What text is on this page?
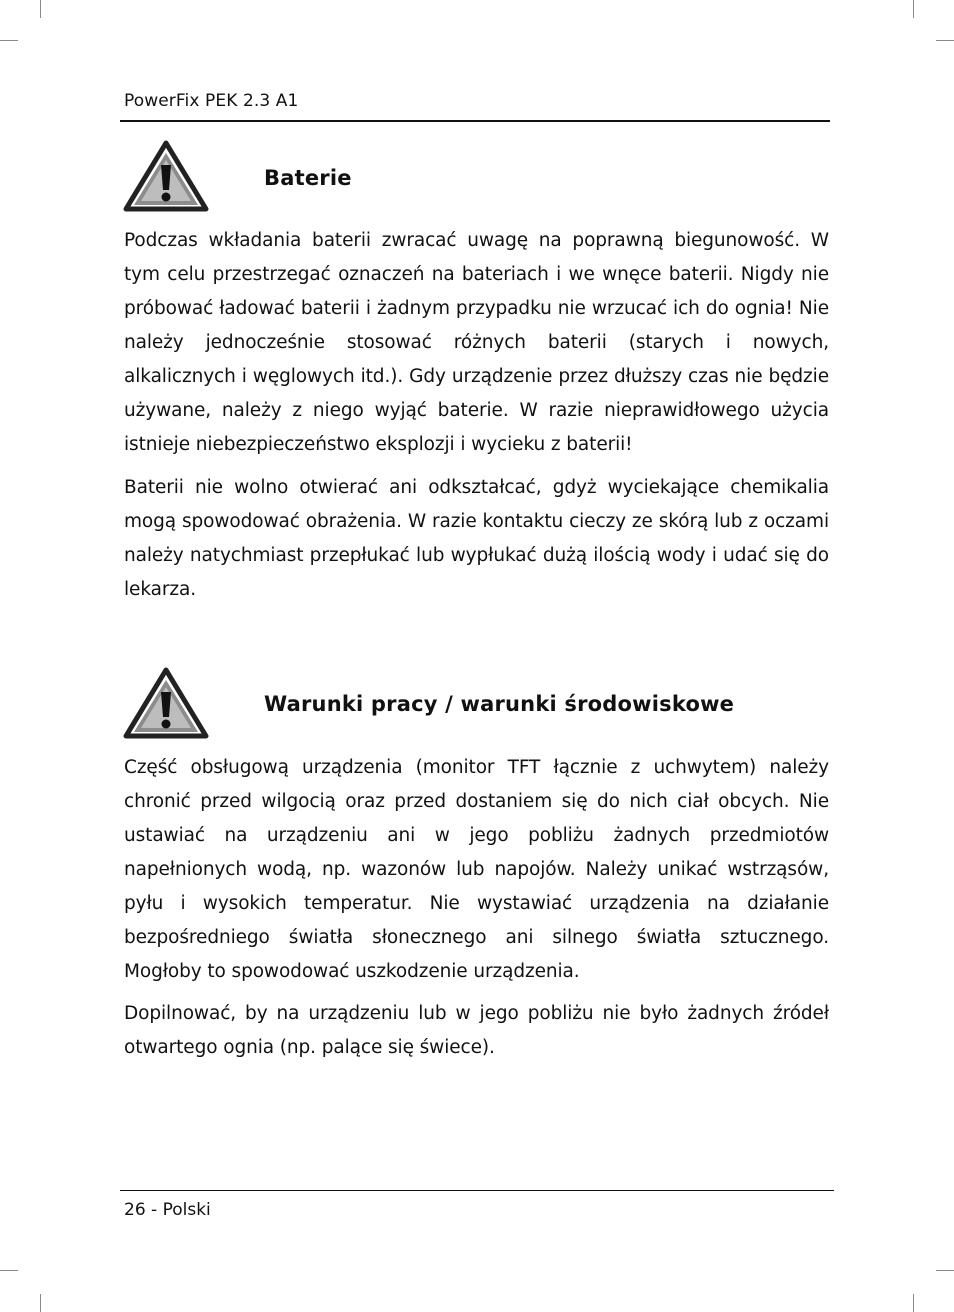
PowerFix PEK 2.3 A1
Baterie

Podczas wkładania baterii zwracać uwagę na poprawną biegunowość. W tym celu przestrzegać oznaczeń na bateriach i we wnęce baterii. Nigdy nie próbować ładować baterii i żadnym przypadku nie wrzucać ich do ognia! Nie należy jednocześnie stosować różnych baterii (starych i nowych, alkalicznych i węglowych itd.). Gdy urządzenie przez dłuższy czas nie będzie używane, należy z niego wyjąć baterie. W razie nieprawidłowego użycia istnieje niebezpieczeństwo eksplozji i wycieku z baterii!

Baterii nie wolno otwierać ani odkształcać, gdyż wyciekające chemikalia mogą spowodować obrażenia. W razie kontaktu cieczy ze skórą lub z oczami należy natychmiast przepłukać lub wypłukać dużą ilością wody i udać się do lekarza.

Warunki pracy / warunki środowiskowe

Część obsługową urządzenia (monitor TFT łącznie z uchwytem) należy chronić przed wilgocią oraz przed dostaniem się do nich ciał obcych. Nie ustawiać na urządzeniu ani w jego pobliżu żadnych przedmiotów napełnionych wodą, np. wazonów lub napojów. Należy unikać wstrząsów, pyłu i wysokich temperatur. Nie wystawiać urządzenia na działanie bezpośredniego światła słonecznego ani silnego światła sztucznego. Mogłoby to spowodować uszkodzenie urządzenia.

Dopilnować, by na urządzeniu lub w jego pobliżu nie było żadnych źródeł otwartego ognia (np. palące się świece).

26 - Polski
